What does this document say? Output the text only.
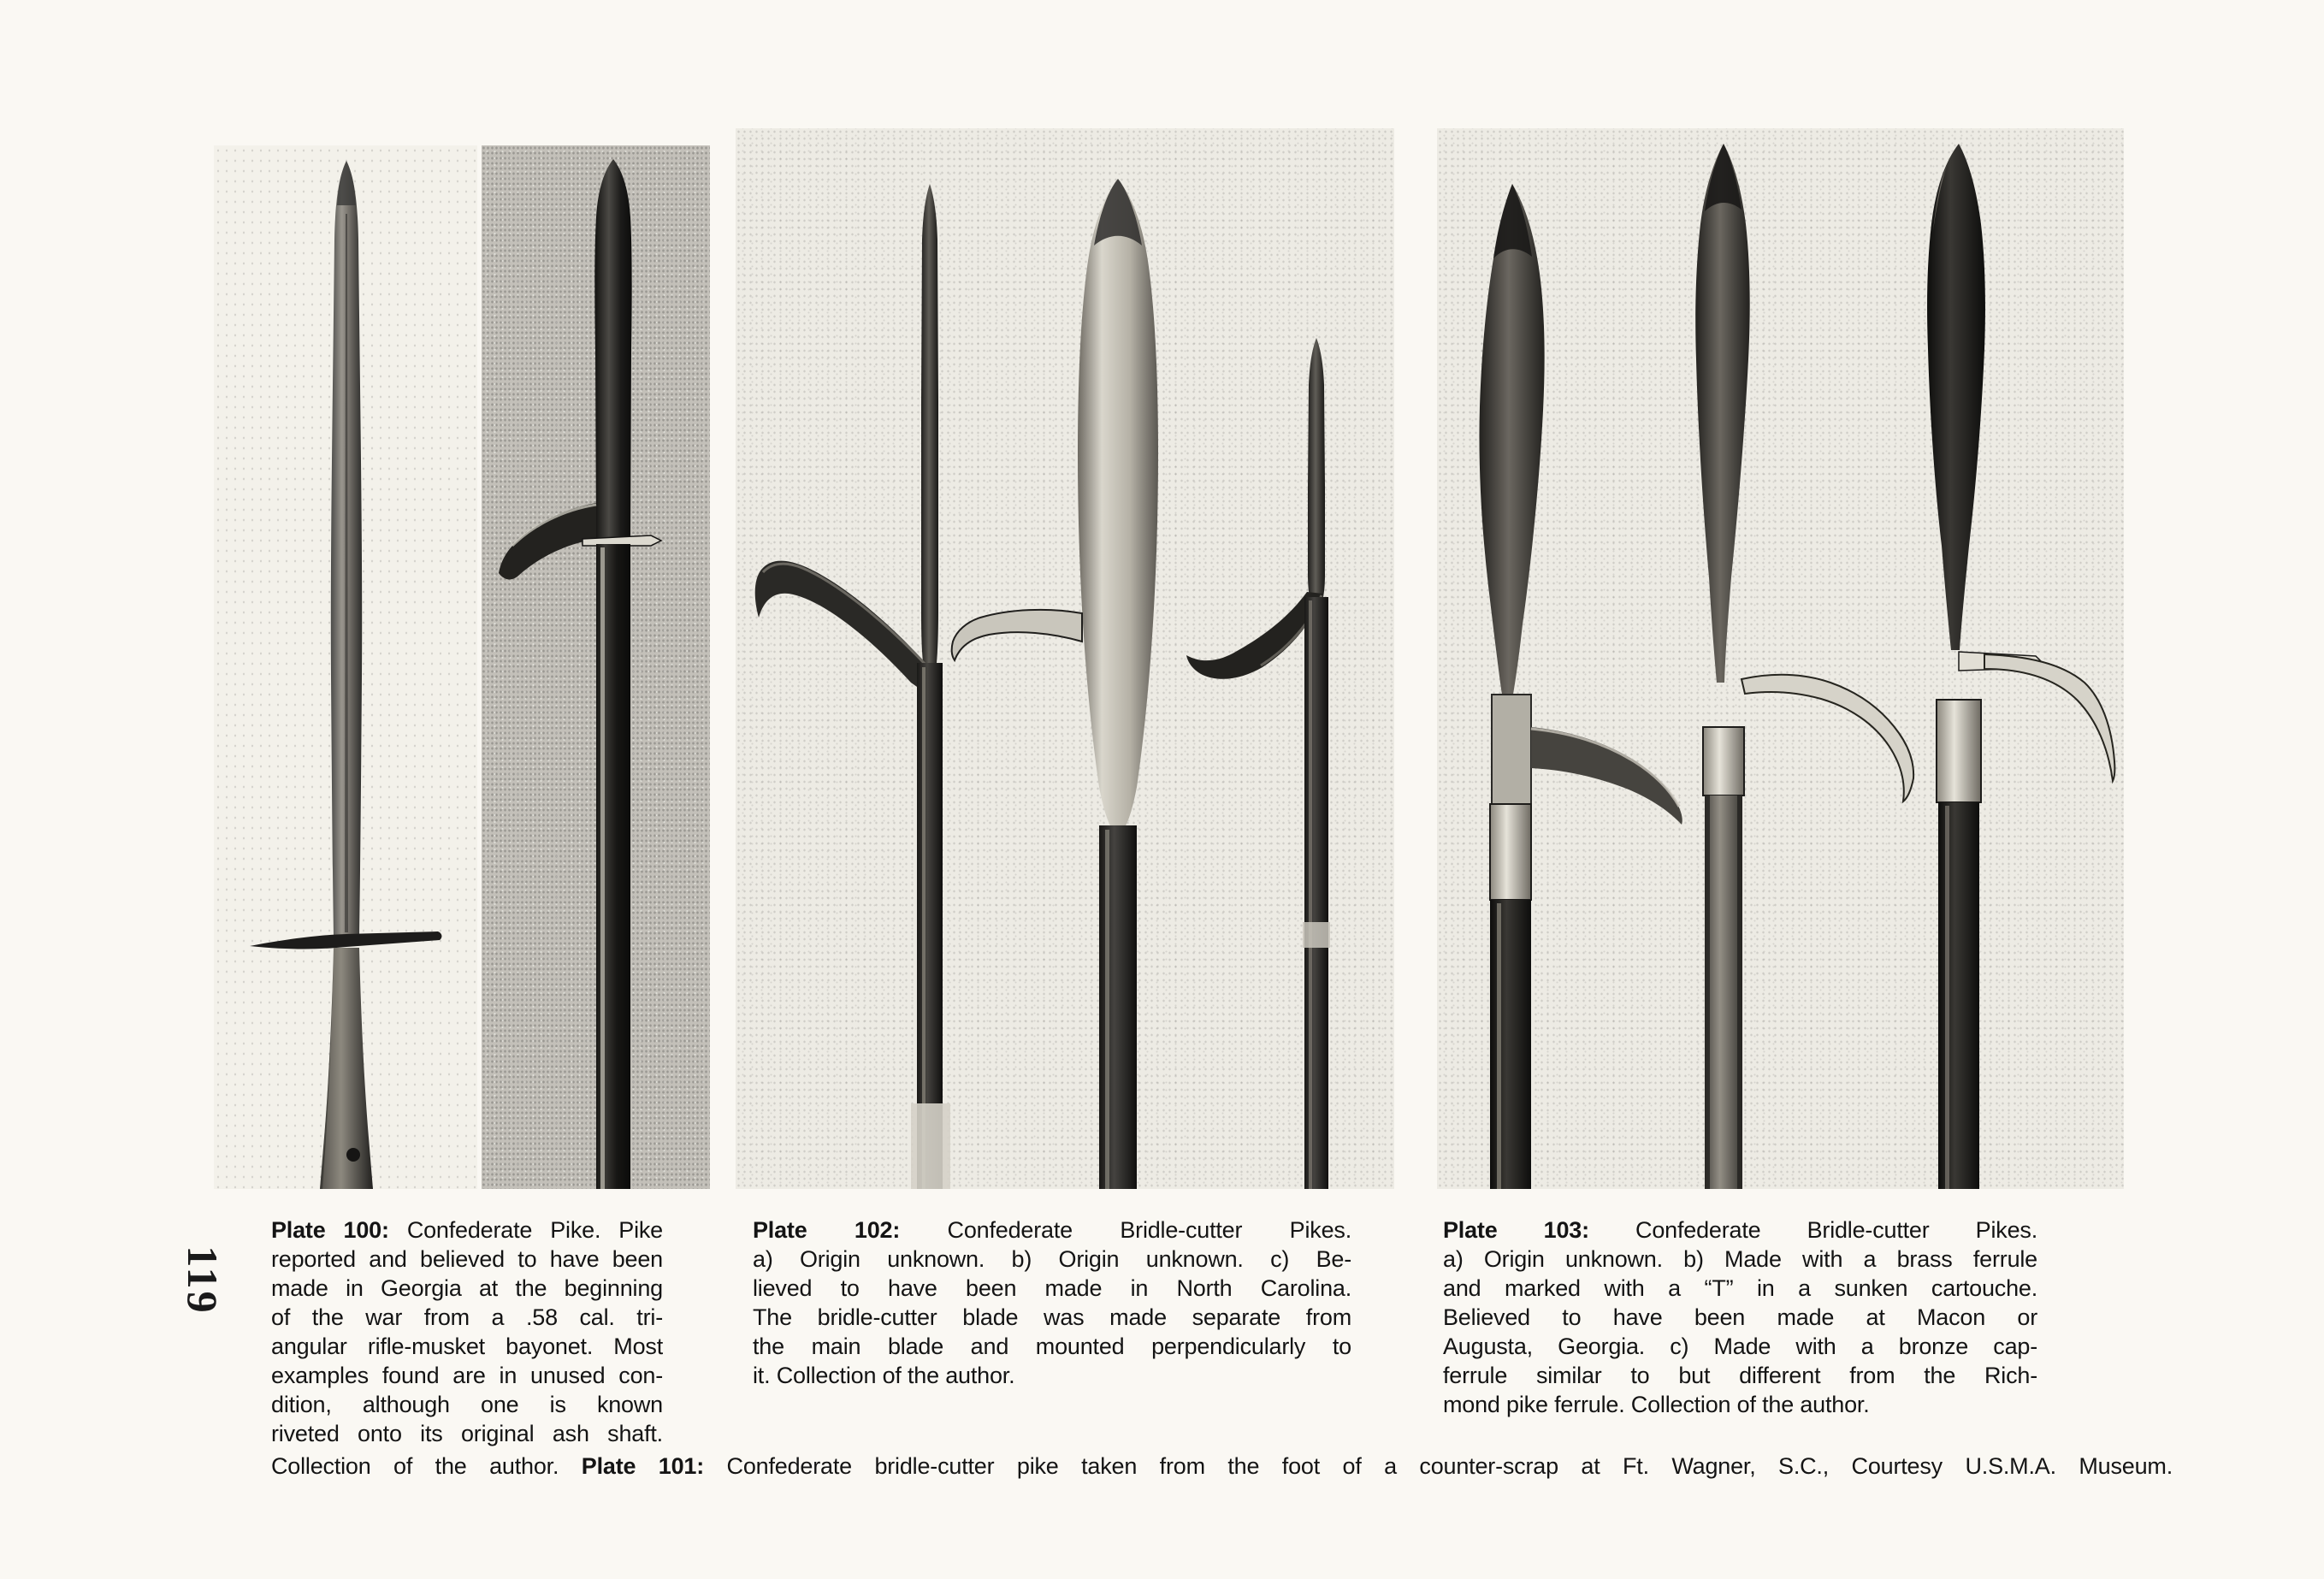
119
Plate 100: Confederate Pike. Pike
reported and believed to have been
made in Georgia at the beginning
of the war from a .58 cal. tri-
angular rifle-musket bayonet. Most
examples found are in unused con-
dition, although one is known
riveted onto its original ash shaft.
Plate 102: Confederate Bridle-cutter Pikes.
a) Origin unknown. b) Origin unknown. c) Be-
lieved to have been made in North Carolina.
The bridle-cutter blade was made separate from
the main blade and mounted perpendicularly to
it. Collection of the author.
Plate 103: Confederate Bridle-cutter Pikes.
a) Origin unknown. b) Made with a brass ferrule
and marked with a “T” in a sunken cartouche.
Believed to have been made at Macon or
Augusta, Georgia. c) Made with a bronze cap-
ferrule similar to but different from the Rich-
mond pike ferrule. Collection of the author.
Collection of the author. Plate 101: Confederate bridle-cutter pike taken from the foot of a counter-scrap at Ft. Wagner, S.C., Courtesy U.S.M.A. Museum.
